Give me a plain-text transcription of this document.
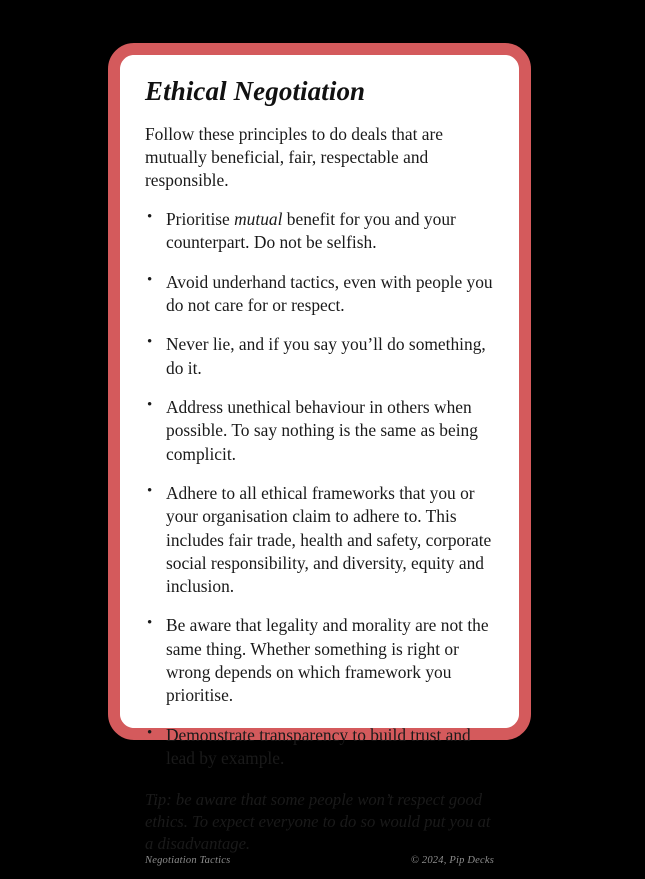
Ethical Negotiation

Follow these principles to do deals that are mutually beneficial, fair, respectable and responsible.

• Prioritise mutual benefit for you and your counterpart. Do not be selfish.
• Avoid underhand tactics, even with people you do not care for or respect.
• Never lie, and if you say you’ll do something, do it.
• Address unethical behaviour in others when possible. To say nothing is the same as being complicit.
• Adhere to all ethical frameworks that you or your organisation claim to adhere to. This includes fair trade, health and safety, corporate social responsibility, and diversity, equity and inclusion.
• Be aware that legality and morality are not the same thing. Whether something is right or wrong depends on which framework you prioritise.
• Demonstrate transparency to build trust and lead by example.

Tip: be aware that some people won’t respect good ethics. To expect everyone to do so would put you at a disadvantage.

Negotiation Tactics	© 2024, Pip Decks
